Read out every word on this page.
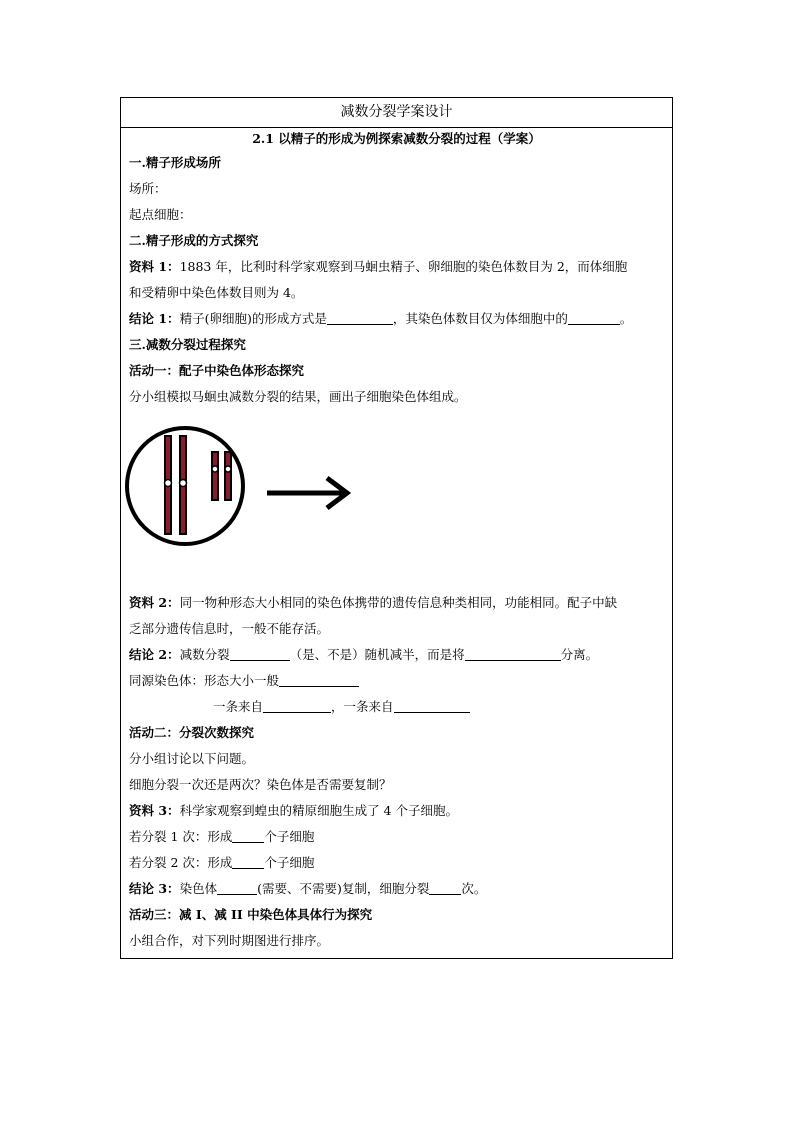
减数分裂学案设计
2.1 以精子的形成为例探索减数分裂的过程（学案）
一.精子形成场所
场所：
起点细胞：
二.精子形成的方式探究
资料 1：1883 年，比利时科学家观察到马蛔虫精子、卵细胞的染色体数目为 2，而体细胞
和受精卵中染色体数目则为 4。
结论 1：精子(卵细胞)的形成方式是	，其染色体数目仅为体细胞中的	。
三.减数分裂过程探究
活动一：配子中染色体形态探究
分小组模拟马蛔虫减数分裂的结果，画出子细胞染色体组成。
资料 2：同一物种形态大小相同的染色体携带的遗传信息种类相同，功能相同。配子中缺
乏部分遗传信息时，一般不能存活。
结论 2：减数分裂	（是、不是）随机减半，而是将	分离。
同源染色体：形态大小一般
一条来自	，一条来自
活动二：分裂次数探究
分小组讨论以下问题。
细胞分裂一次还是两次？染色体是否需要复制？
资料 3：科学家观察到蝗虫的精原细胞生成了 4 个子细胞。
若分裂 1 次：形成	个子细胞
若分裂 2 次：形成	个子细胞
结论 3：染色体	(需要、不需要)复制，细胞分裂	次。
活动三：减 I、减 II 中染色体具体行为探究
小组合作，对下列时期图进行排序。
